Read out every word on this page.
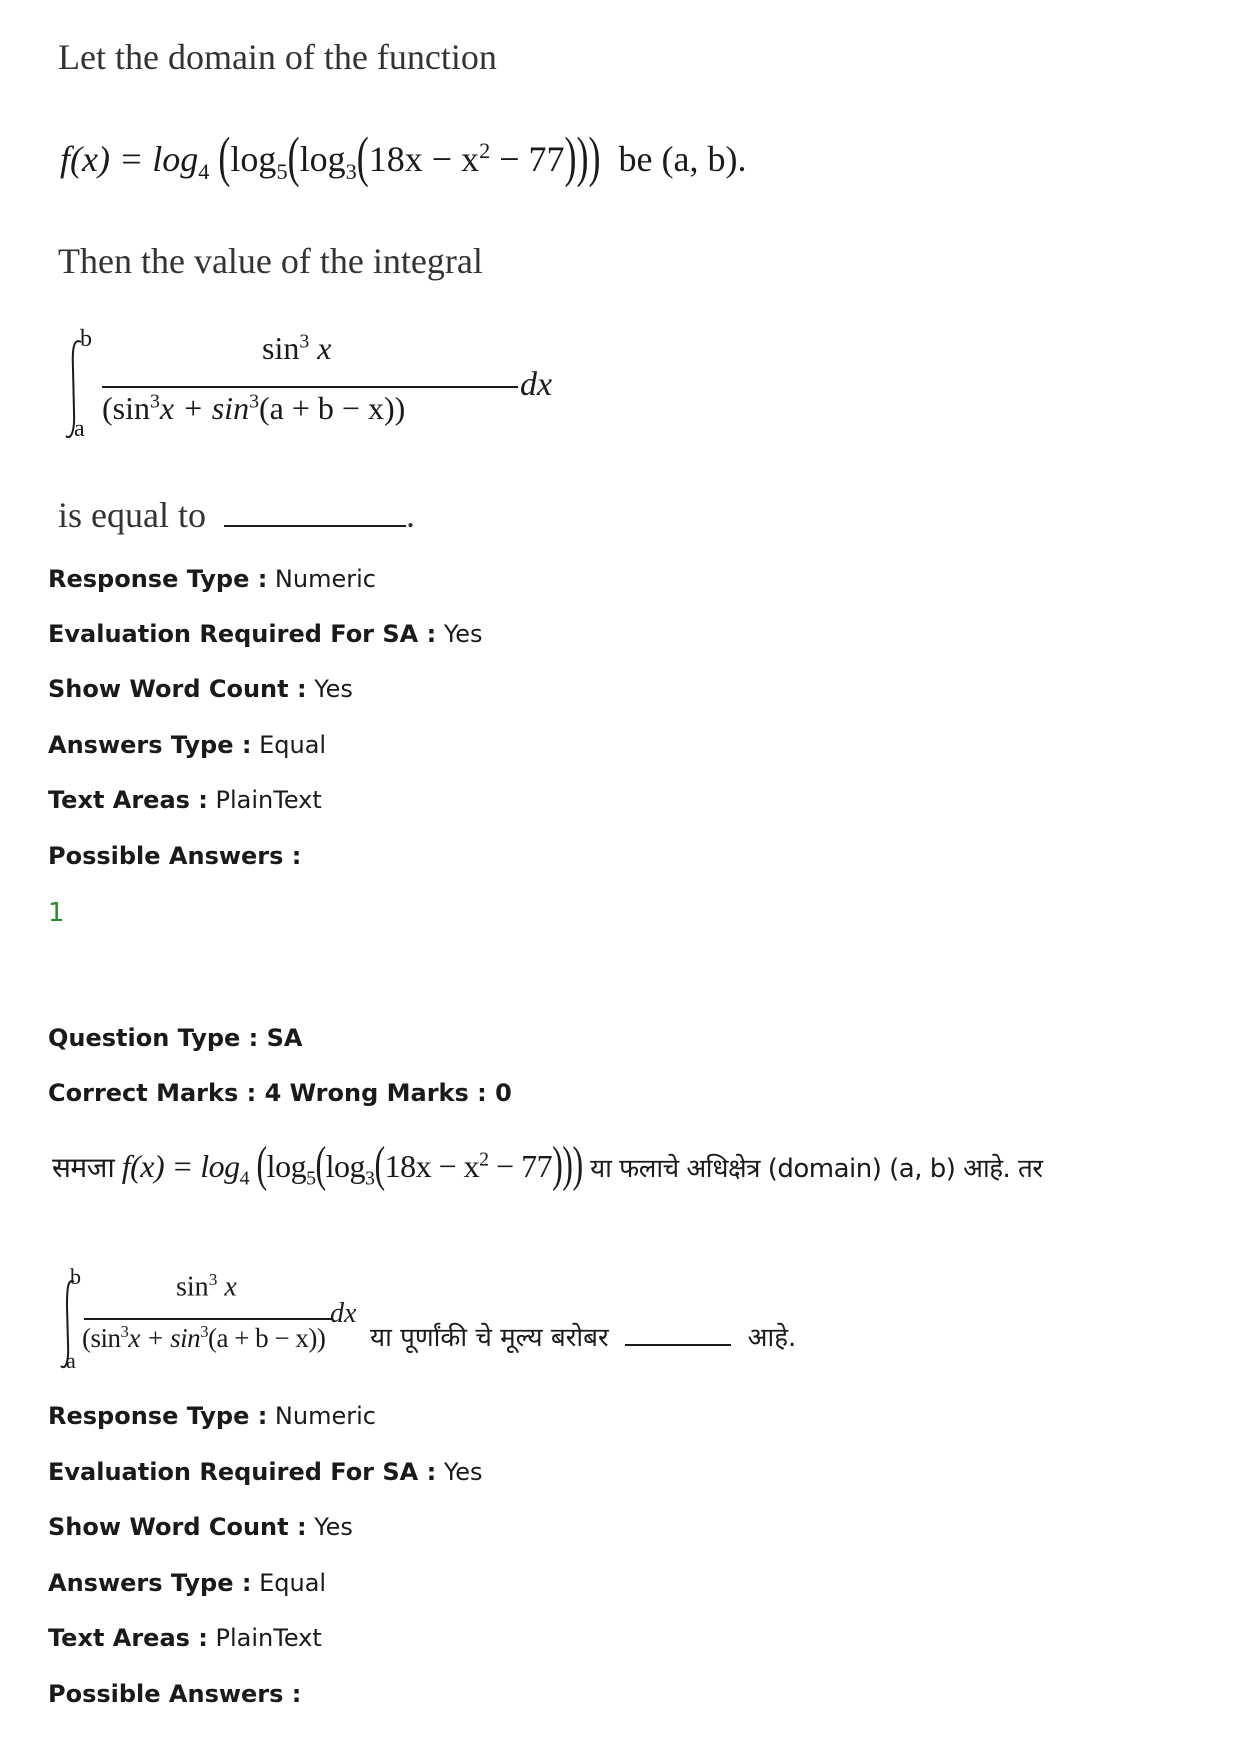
Let the domain of the function
$f(x) = \log_4 (\log_5(\log_3(18x - x^2 - 77)))$ be (a, b).
Then the value of the integral
b
a
$\sin^3 x$
$(\sin^3x + \sin^3(a + b - x))$
dx
is equal to	.
Response Type : Numeric
Evaluation Required For SA : Yes
Show Word Count : Yes
Answers Type : Equal
Text Areas : PlainText
Possible Answers :
1
Question Type : SA
Correct Marks : 4 Wrong Marks : 0
समजा $f(x) = \log_4 (\log_5(\log_3(18x - x^2 - 77)))$ या फलाचे अधिक्षेत्र (domain) (a, b) आहे. तर
b
a
$\sin^3 x$
$(\sin^3x + \sin^3(a + b - x))$
dx
या पूर्णांकी चे मूल्य बरोबर	आहे.
Response Type : Numeric
Evaluation Required For SA : Yes
Show Word Count : Yes
Answers Type : Equal
Text Areas : PlainText
Possible Answers :
